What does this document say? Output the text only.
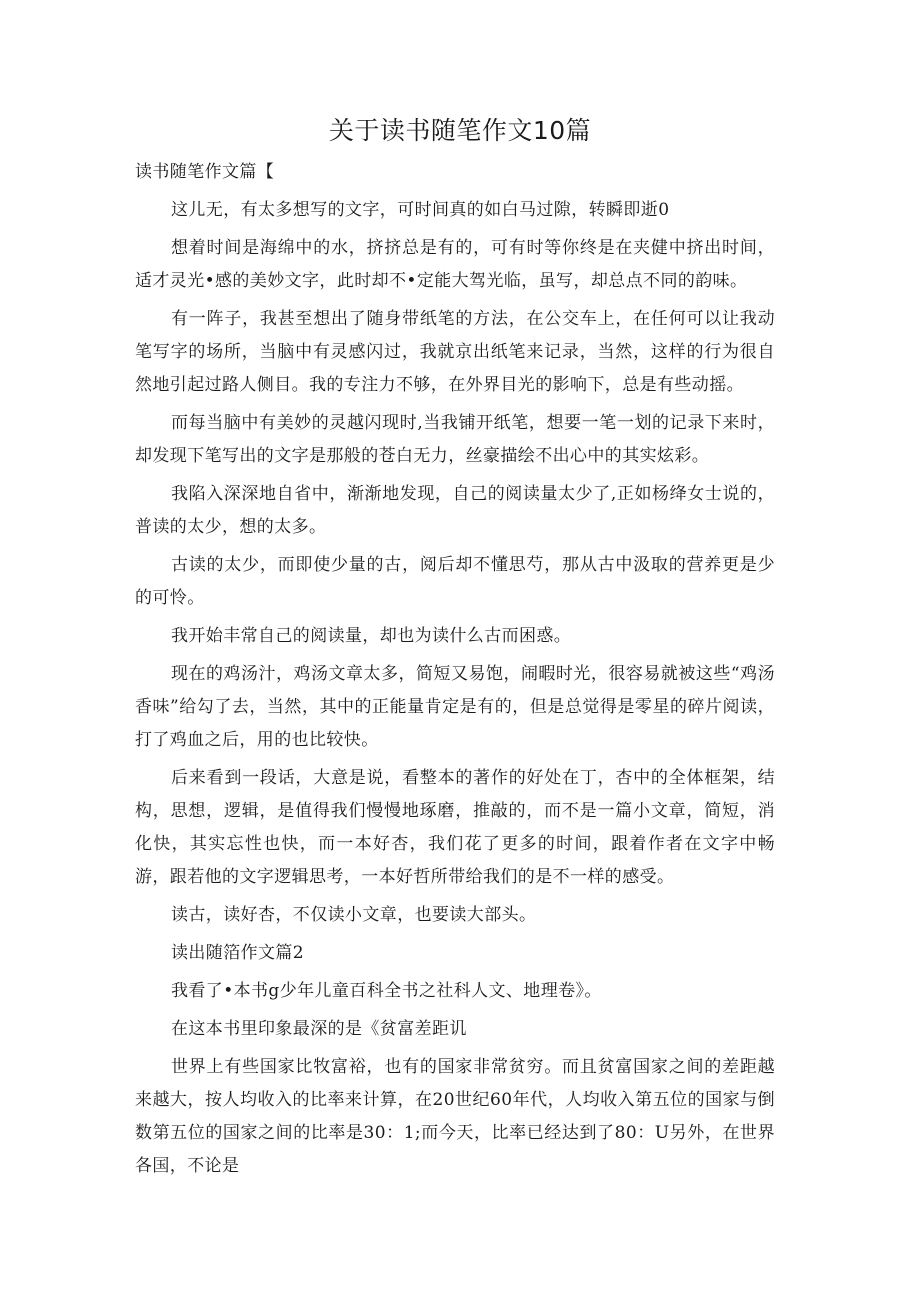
关于读书随笔作文10篇

读书随笔作文篇【

这儿无，有太多想写的文字，可时间真的如白马过隙，转瞬即逝0

想着时间是海绵中的水，挤挤总是有的，可有时等你终是在夹健中挤出时间，适才灵光•感的美妙文字，此时却不•定能大驾光临，虽写，却总点不同的韵味。

有一阵子，我甚至想出了随身带纸笔的方法，在公交车上，在任何可以让我动笔写字的场所，当脑中有灵感闪过，我就京出纸笔来记录，当然，这样的行为很自然地引起过路人侧目。我的专注力不够，在外界目光的影响下，总是有些动摇。

而每当脑中有美妙的灵越闪现时,当我铺开纸笔，想要一笔一划的记录下来时，却发现下笔写出的文字是那般的苍白无力，丝豪描绘不出心中的其实炫彩。

我陷入深深地自省中，渐渐地发现，自己的阅读量太少了,正如杨绛女士说的，普读的太少，想的太多。

古读的太少，而即使少量的古，阅后却不懂思芍，那从古中汲取的营养更是少的可怜。

我开始丰常自己的阅读量，却也为读什么古而困惑。

现在的鸡汤汁，鸡汤文章太多，简短又易饱，闹暇时光，很容易就被这些“鸡汤香味”给勾了去，当然，其中的正能量肯定是有的，但是总觉得是零星的碎片阅读，打了鸡血之后，用的也比较快。

后来看到一段话，大意是说，看整本的著作的好处在丁，杏中的全体框架，结构，思想，逻辑，是值得我们慢慢地琢磨，推敲的，而不是一篇小文章，简短，消化快，其实忘性也快，而一本好杏，我们花了更多的时间，跟着作者在文字中畅游，跟若他的文字逻辑思考，一本好哲所带给我们的是不一样的感受。

读古，读好杏，不仅读小文章，也要读大部头。

读出随箔作文篇2

我看了•本书g少年儿童百科全书之社科人文、地理卷》。

在这本书里印象最深的是《贫富差距讥

世界上有些国家比牧富裕，也有的国家非常贫穷。而且贫富国家之间的差距越来越大，按人均收入的比率来计算，在20世纪60年代，人均收入第五位的国家与倒数第五位的国家之间的比率是30：1;而今天，比率已经达到了80：U另外，在世界各国，不论是
